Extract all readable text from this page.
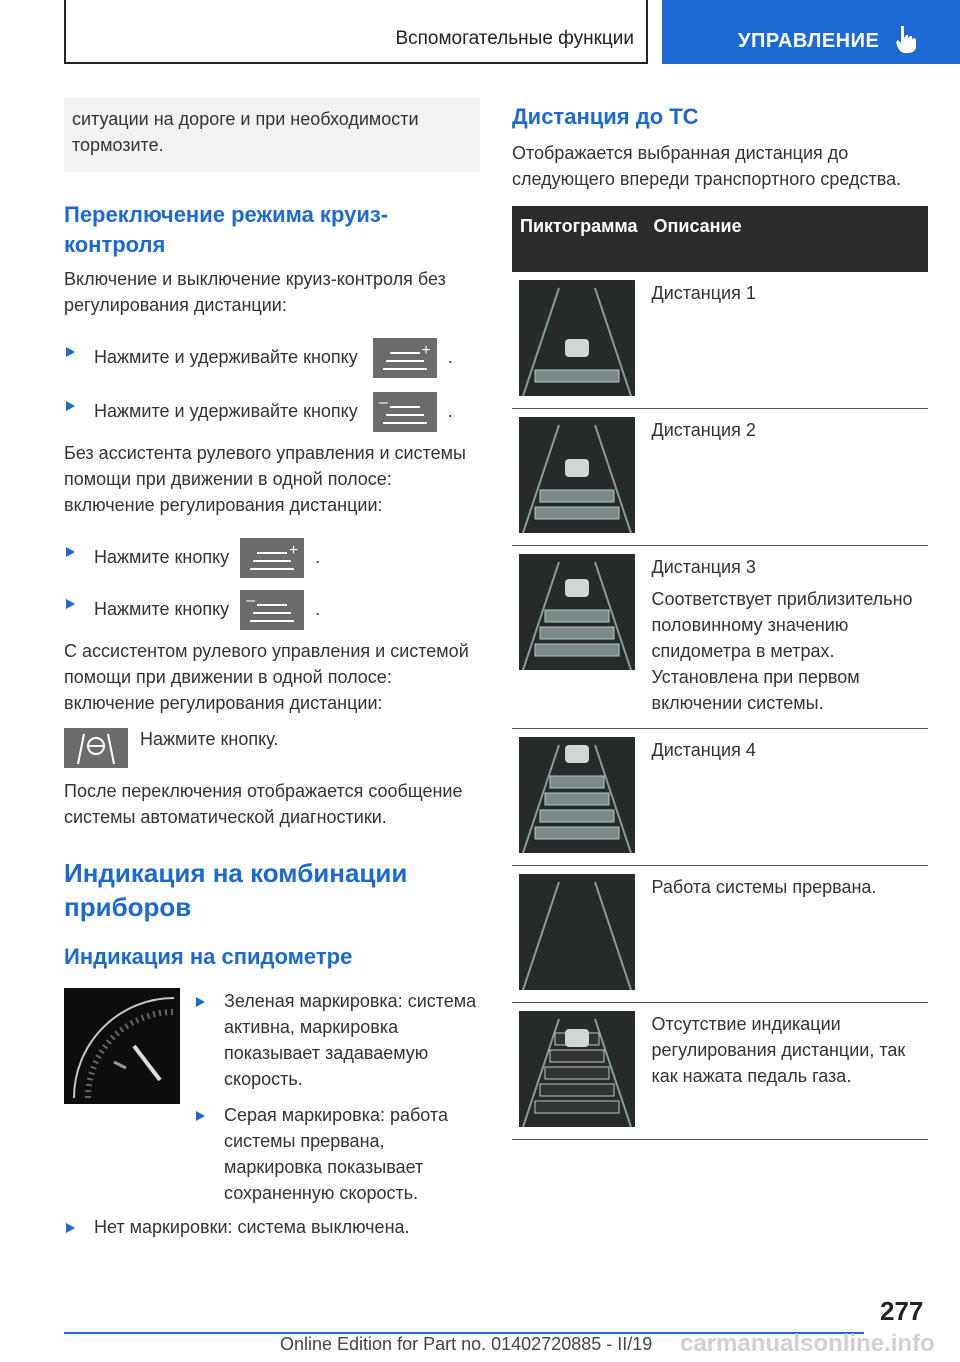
Вспомогательные функции	УПРАВЛЕНИЕ

ситуации на дороге и при необходимости тормозите.

Переключение режима круиз-контроля

Включение и выключение круиз-контроля без регулирования дистанции:

Нажмите и удерживайте кнопку	+ .
Нажмите и удерживайте кнопку –	.

Без ассистента рулевого управления и системы помощи при движении в одной полосе: включение регулирования дистанции:

Нажмите кнопку	+ .
Нажмите кнопку –	.

С ассистентом рулевого управления и системой помощи при движении в одной полосе: включение регулирования дистанции:

Нажмите кнопку.

После переключения отображается сообщение системы автоматической диагностики.

Индикация на комбинации приборов
Индикация на спидометре
Зеленая маркировка: система активна, маркировка показывает задаваемую скорость.
Серая маркировка: работа системы прервана, маркировка показывает сохраненную скорость.
Нет маркировки: система выключена.
Дистанция до ТС

Отображается выбранная дистанция до следующего впереди транспортного средства.

Пиктограмма	Описание

Дистанция 1

Дистанция 2

Дистанция 3

Соответствует приблизительно половинному значению спидометра в метрах. Установлена при первом включении системы.

Дистанция 4

Работа системы прервана.

Отсутствие индикации регулирования дистанции, так как нажата педаль газа.

277
Online Edition for Part no. 01402720885 - II/19 carmanualsonline.info
